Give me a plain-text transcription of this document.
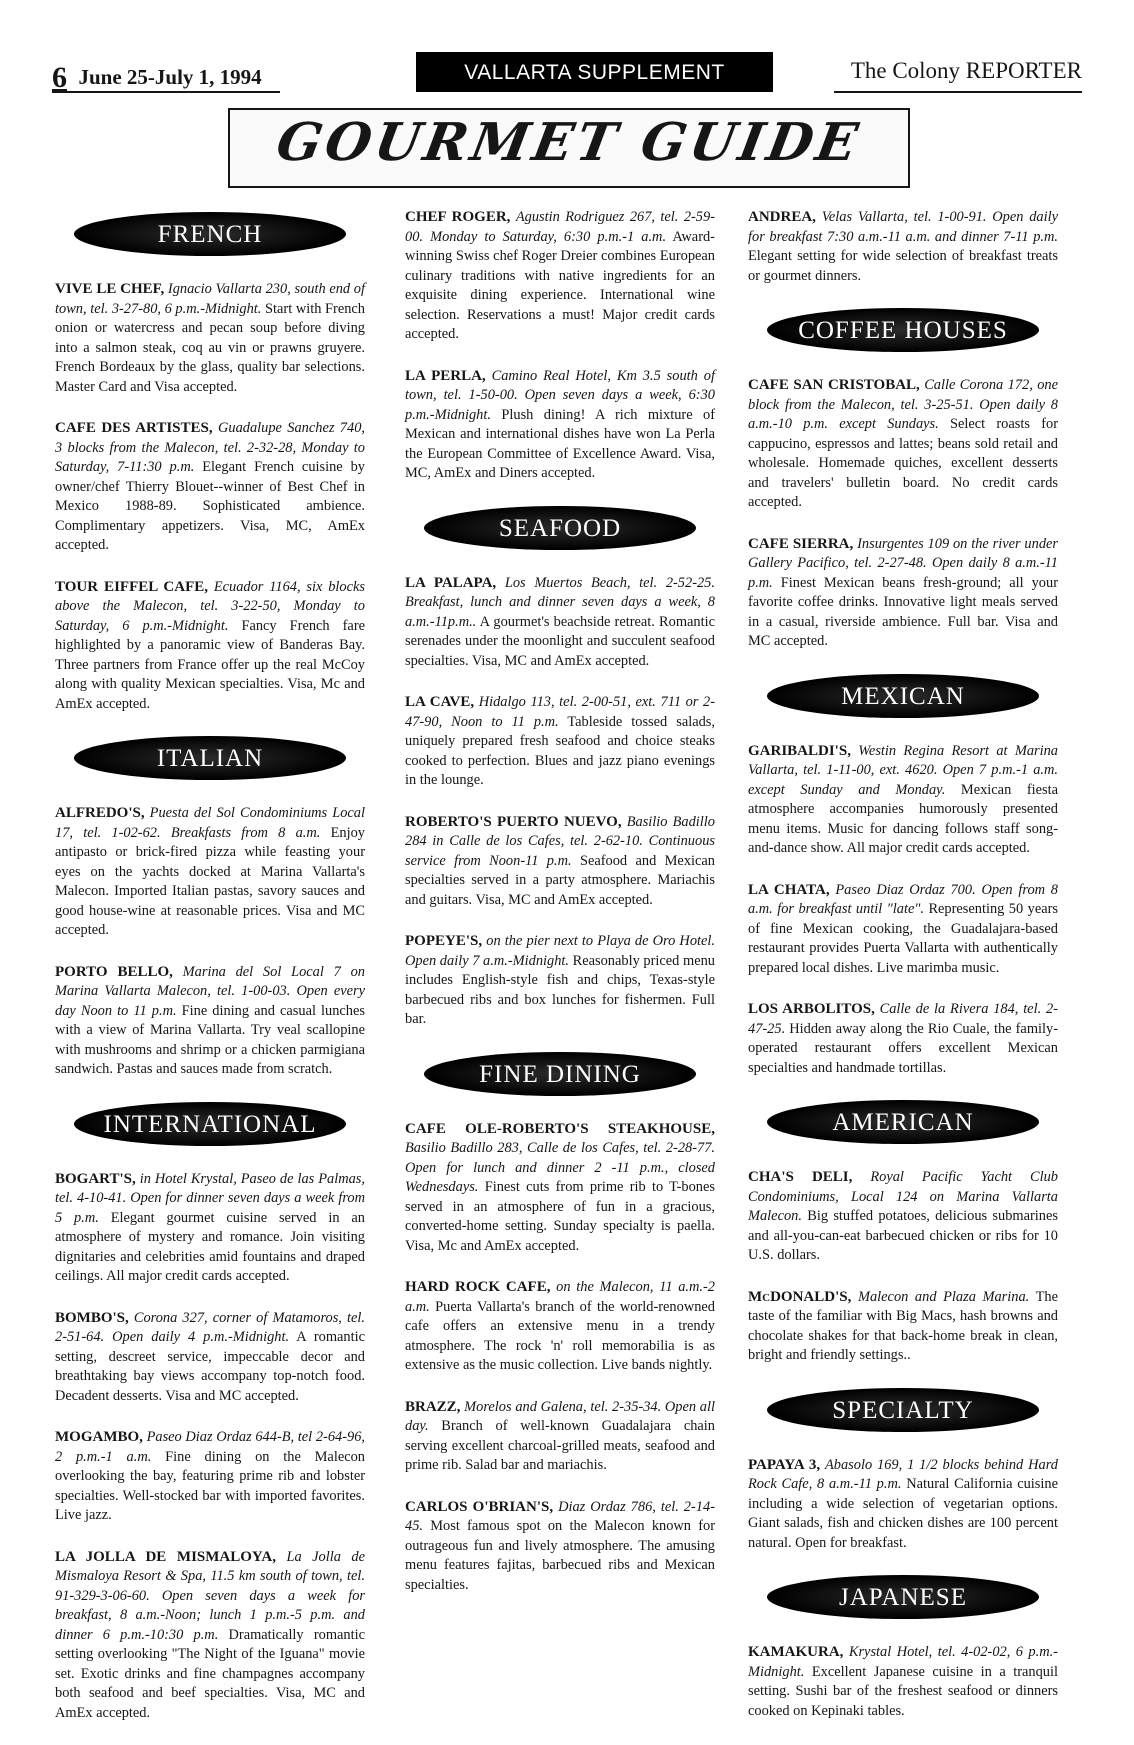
6 June 25-July 1, 1994	VALLARTA SUPPLEMENT	The Colony REPORTER
GOURMET GUIDE
FRENCH

VIVE LE CHEF, Ignacio Vallarta 230, south end of town, tel. 3-27-80, 6 p.m.-Midnight. Start with French onion or watercress and pecan soup before diving into a salmon steak, coq au vin or prawns gruyere. French Bordeaux by the glass, quality bar selections. Master Card and Visa accepted.

CAFE DES ARTISTES, Guadalupe Sanchez 740, 3 blocks from the Malecon, tel. 2-32-28, Monday to Saturday, 7-11:30 p.m. Elegant French cuisine by owner/chef Thierry Blouet--winner of Best Chef in Mexico 1988-89. Sophisticated ambience. Complimentary appetizers. Visa, MC, AmEx accepted.

TOUR EIFFEL CAFE, Ecuador 1164, six blocks above the Malecon, tel. 3-22-50, Monday to Saturday, 6 p.m.-Midnight. Fancy French fare highlighted by a panoramic view of Banderas Bay. Three partners from France offer up the real McCoy along with quality Mexican specialties. Visa, Mc and AmEx accepted.

ITALIAN

ALFREDO'S, Puesta del Sol Condominiums Local 17, tel. 1-02-62. Breakfasts from 8 a.m. Enjoy antipasto or brick-fired pizza while feasting your eyes on the yachts docked at Marina Vallarta's Malecon. Imported Italian pastas, savory sauces and good house-wine at reasonable prices. Visa and MC accepted.

PORTO BELLO, Marina del Sol Local 7 on Marina Vallarta Malecon, tel. 1-00-03. Open every day Noon to 11 p.m. Fine dining and casual lunches with a view of Marina Vallarta. Try veal scallopine with mushrooms and shrimp or a chicken parmigiana sandwich. Pastas and sauces made from scratch.

INTERNATIONAL

BOGART'S, in Hotel Krystal, Paseo de las Palmas, tel. 4-10-41. Open for dinner seven days a week from 5 p.m. Elegant gourmet cuisine served in an atmosphere of mystery and romance. Join visiting dignitaries and celebrities amid fountains and draped ceilings. All major credit cards accepted.

BOMBO'S, Corona 327, corner of Matamoros, tel. 2-51-64. Open daily 4 p.m.-Midnight. A romantic setting, descreet service, impeccable decor and breathtaking bay views accompany top-notch food. Decadent desserts. Visa and MC accepted.

MOGAMBO, Paseo Diaz Ordaz 644-B, tel 2-64-96, 2 p.m.-1 a.m. Fine dining on the Malecon overlooking the bay, featuring prime rib and lobster specialties. Well-stocked bar with imported favorites. Live jazz.

LA JOLLA DE MISMALOYA, La Jolla de Mismaloya Resort & Spa, 11.5 km south of town, tel. 91-329-3-06-60. Open seven days a week for breakfast, 8 a.m.-Noon; lunch 1 p.m.-5 p.m. and dinner 6 p.m.-10:30 p.m. Dramatically romantic setting overlooking "The Night of the Iguana" movie set. Exotic drinks and fine champagnes accompany both seafood and beef specialties. Visa, MC and AmEx accepted.

CHEF ROGER, Agustin Rodriguez 267, tel. 2-59-00. Monday to Saturday, 6:30 p.m.-1 a.m. Award-winning Swiss chef Roger Dreier combines European culinary traditions with native ingredients for an exquisite dining experience. International wine selection. Reservations a must! Major credit cards accepted.

LA PERLA, Camino Real Hotel, Km 3.5 south of town, tel. 1-50-00. Open seven days a week, 6:30 p.m.-Midnight. Plush dining! A rich mixture of Mexican and international dishes have won La Perla the European Committee of Excellence Award. Visa, MC, AmEx and Diners accepted.

SEAFOOD

LA PALAPA, Los Muertos Beach, tel. 2-52-25. Breakfast, lunch and dinner seven days a week, 8 a.m.-11p.m.. A gourmet's beachside retreat. Romantic serenades under the moonlight and succulent seafood specialties. Visa, MC and AmEx accepted.

LA CAVE, Hidalgo 113, tel. 2-00-51, ext. 711 or 2-47-90, Noon to 11 p.m. Tableside tossed salads, uniquely prepared fresh seafood and choice steaks cooked to perfection. Blues and jazz piano evenings in the lounge.

ROBERTO'S PUERTO NUEVO, Basilio Badillo 284 in Calle de los Cafes, tel. 2-62-10. Continuous service from Noon-11 p.m. Seafood and Mexican specialties served in a party atmosphere. Mariachis and guitars. Visa, MC and AmEx accepted.

POPEYE'S, on the pier next to Playa de Oro Hotel. Open daily 7 a.m.-Midnight. Reasonably priced menu includes English-style fish and chips, Texas-style barbecued ribs and box lunches for fishermen. Full bar.

FINE DINING

CAFE OLE-ROBERTO'S STEAKHOUSE, Basilio Badillo 283, Calle de los Cafes, tel. 2-28-77. Open for lunch and dinner 2 -11 p.m., closed Wednesdays. Finest cuts from prime rib to T-bones served in an atmosphere of fun in a gracious, converted-home setting. Sunday specialty is paella. Visa, Mc and AmEx accepted.

HARD ROCK CAFE, on the Malecon, 11 a.m.-2 a.m. Puerta Vallarta's branch of the world-renowned cafe offers an extensive menu in a trendy atmosphere. The rock 'n' roll memorabilia is as extensive as the music collection. Live bands nightly.

BRAZZ, Morelos and Galena, tel. 2-35-34. Open all day. Branch of well-known Guadalajara chain serving excellent charcoal-grilled meats, seafood and prime rib. Salad bar and mariachis.

CARLOS O'BRIAN'S, Diaz Ordaz 786, tel. 2-14-45. Most famous spot on the Malecon known for outrageous fun and lively atmosphere. The amusing menu features fajitas, barbecued ribs and Mexican specialties.

ANDREA, Velas Vallarta, tel. 1-00-91. Open daily for breakfast 7:30 a.m.-11 a.m. and dinner 7-11 p.m. Elegant setting for wide selection of breakfast treats or gourmet dinners.

COFFEE HOUSES

CAFE SAN CRISTOBAL, Calle Corona 172, one block from the Malecon, tel. 3-25-51. Open daily 8 a.m.-10 p.m. except Sundays. Select roasts for cappucino, espressos and lattes; beans sold retail and wholesale. Homemade quiches, excellent desserts and travelers' bulletin board. No credit cards accepted.

CAFE SIERRA, Insurgentes 109 on the river under Gallery Pacifico, tel. 2-27-48. Open daily 8 a.m.-11 p.m. Finest Mexican beans fresh-ground; all your favorite coffee drinks. Innovative light meals served in a casual, riverside ambience. Full bar. Visa and MC accepted.

MEXICAN

GARIBALDI'S, Westin Regina Resort at Marina Vallarta, tel. 1-11-00, ext. 4620. Open 7 p.m.-1 a.m. except Sunday and Monday. Mexican fiesta atmosphere accompanies humorously presented menu items. Music for dancing follows staff song-and-dance show. All major credit cards accepted.

LA CHATA, Paseo Diaz Ordaz 700. Open from 8 a.m. for breakfast until "late". Representing 50 years of fine Mexican cooking, the Guadalajara-based restaurant provides Puerta Vallarta with authentically prepared local dishes. Live marimba music.

LOS ARBOLITOS, Calle de la Rivera 184, tel. 2-47-25. Hidden away along the Rio Cuale, the family-operated restaurant offers excellent Mexican specialties and handmade tortillas.

AMERICAN

CHA'S DELI, Royal Pacific Yacht Club Condominiums, Local 124 on Marina Vallarta Malecon. Big stuffed potatoes, delicious submarines and all-you-can-eat barbecued chicken or ribs for 10 U.S. dollars.

McDONALD'S, Malecon and Plaza Marina. The taste of the familiar with Big Macs, hash browns and chocolate shakes for that back-home break in clean, bright and friendly settings..

SPECIALTY

PAPAYA 3, Abasolo 169, 1 1/2 blocks behind Hard Rock Cafe, 8 a.m.-11 p.m. Natural California cuisine including a wide selection of vegetarian options. Giant salads, fish and chicken dishes are 100 percent natural. Open for breakfast.

JAPANESE

KAMAKURA, Krystal Hotel, tel. 4-02-02, 6 p.m.-Midnight. Excellent Japanese cuisine in a tranquil setting. Sushi bar of the freshest seafood or dinners cooked on Kepinaki tables.
